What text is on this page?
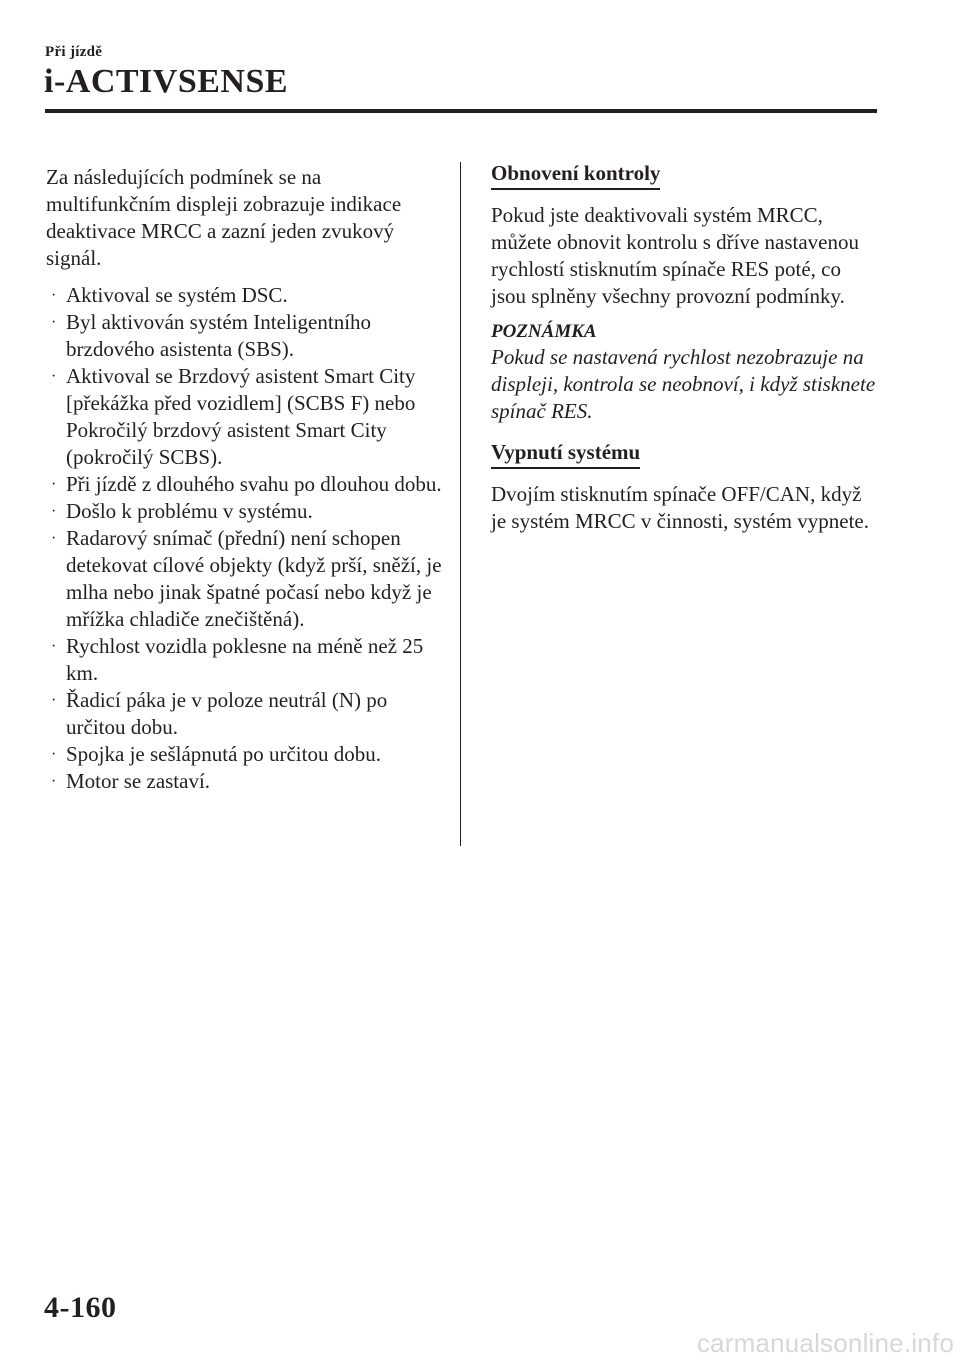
Při jízdě
i-ACTIVSENSE

Za následujících podmínek se na multifunkčním displeji zobrazuje indikace deaktivace MRCC a zazní jeden zvukový signál.

· Aktivoval se systém DSC.
· Byl aktivován systém Inteligentního brzdového asistenta (SBS).
· Aktivoval se Brzdový asistent Smart City [překážka před vozidlem] (SCBS F) nebo Pokročilý brzdový asistent Smart City (pokročilý SCBS).
· Při jízdě z dlouhého svahu po dlouhou dobu.
· Došlo k problému v systému.
· Radarový snímač (přední) není schopen detekovat cílové objekty (když prší, sněží, je mlha nebo jinak špatné počasí nebo když je mřížka chladiče znečištěná).
· Rychlost vozidla poklesne na méně než 25 km.
· Řadicí páka je v poloze neutrál (N) po určitou dobu.
· Spojka je sešlápnutá po určitou dobu.
· Motor se zastaví.
Obnovení kontroly

Pokud jste deaktivovali systém MRCC, můžete obnovit kontrolu s dříve nastavenou rychlostí stisknutím spínače RES poté, co jsou splněny všechny provozní podmínky.

POZNÁMKA

Pokud se nastavená rychlost nezobrazuje na displeji, kontrola se neobnoví, i když stisknete spínač RES.

Vypnutí systému

Dvojím stisknutím spínače OFF/CAN, když je systém MRCC v činnosti, systém vypnete.

4-160
carmanualsonline.info
